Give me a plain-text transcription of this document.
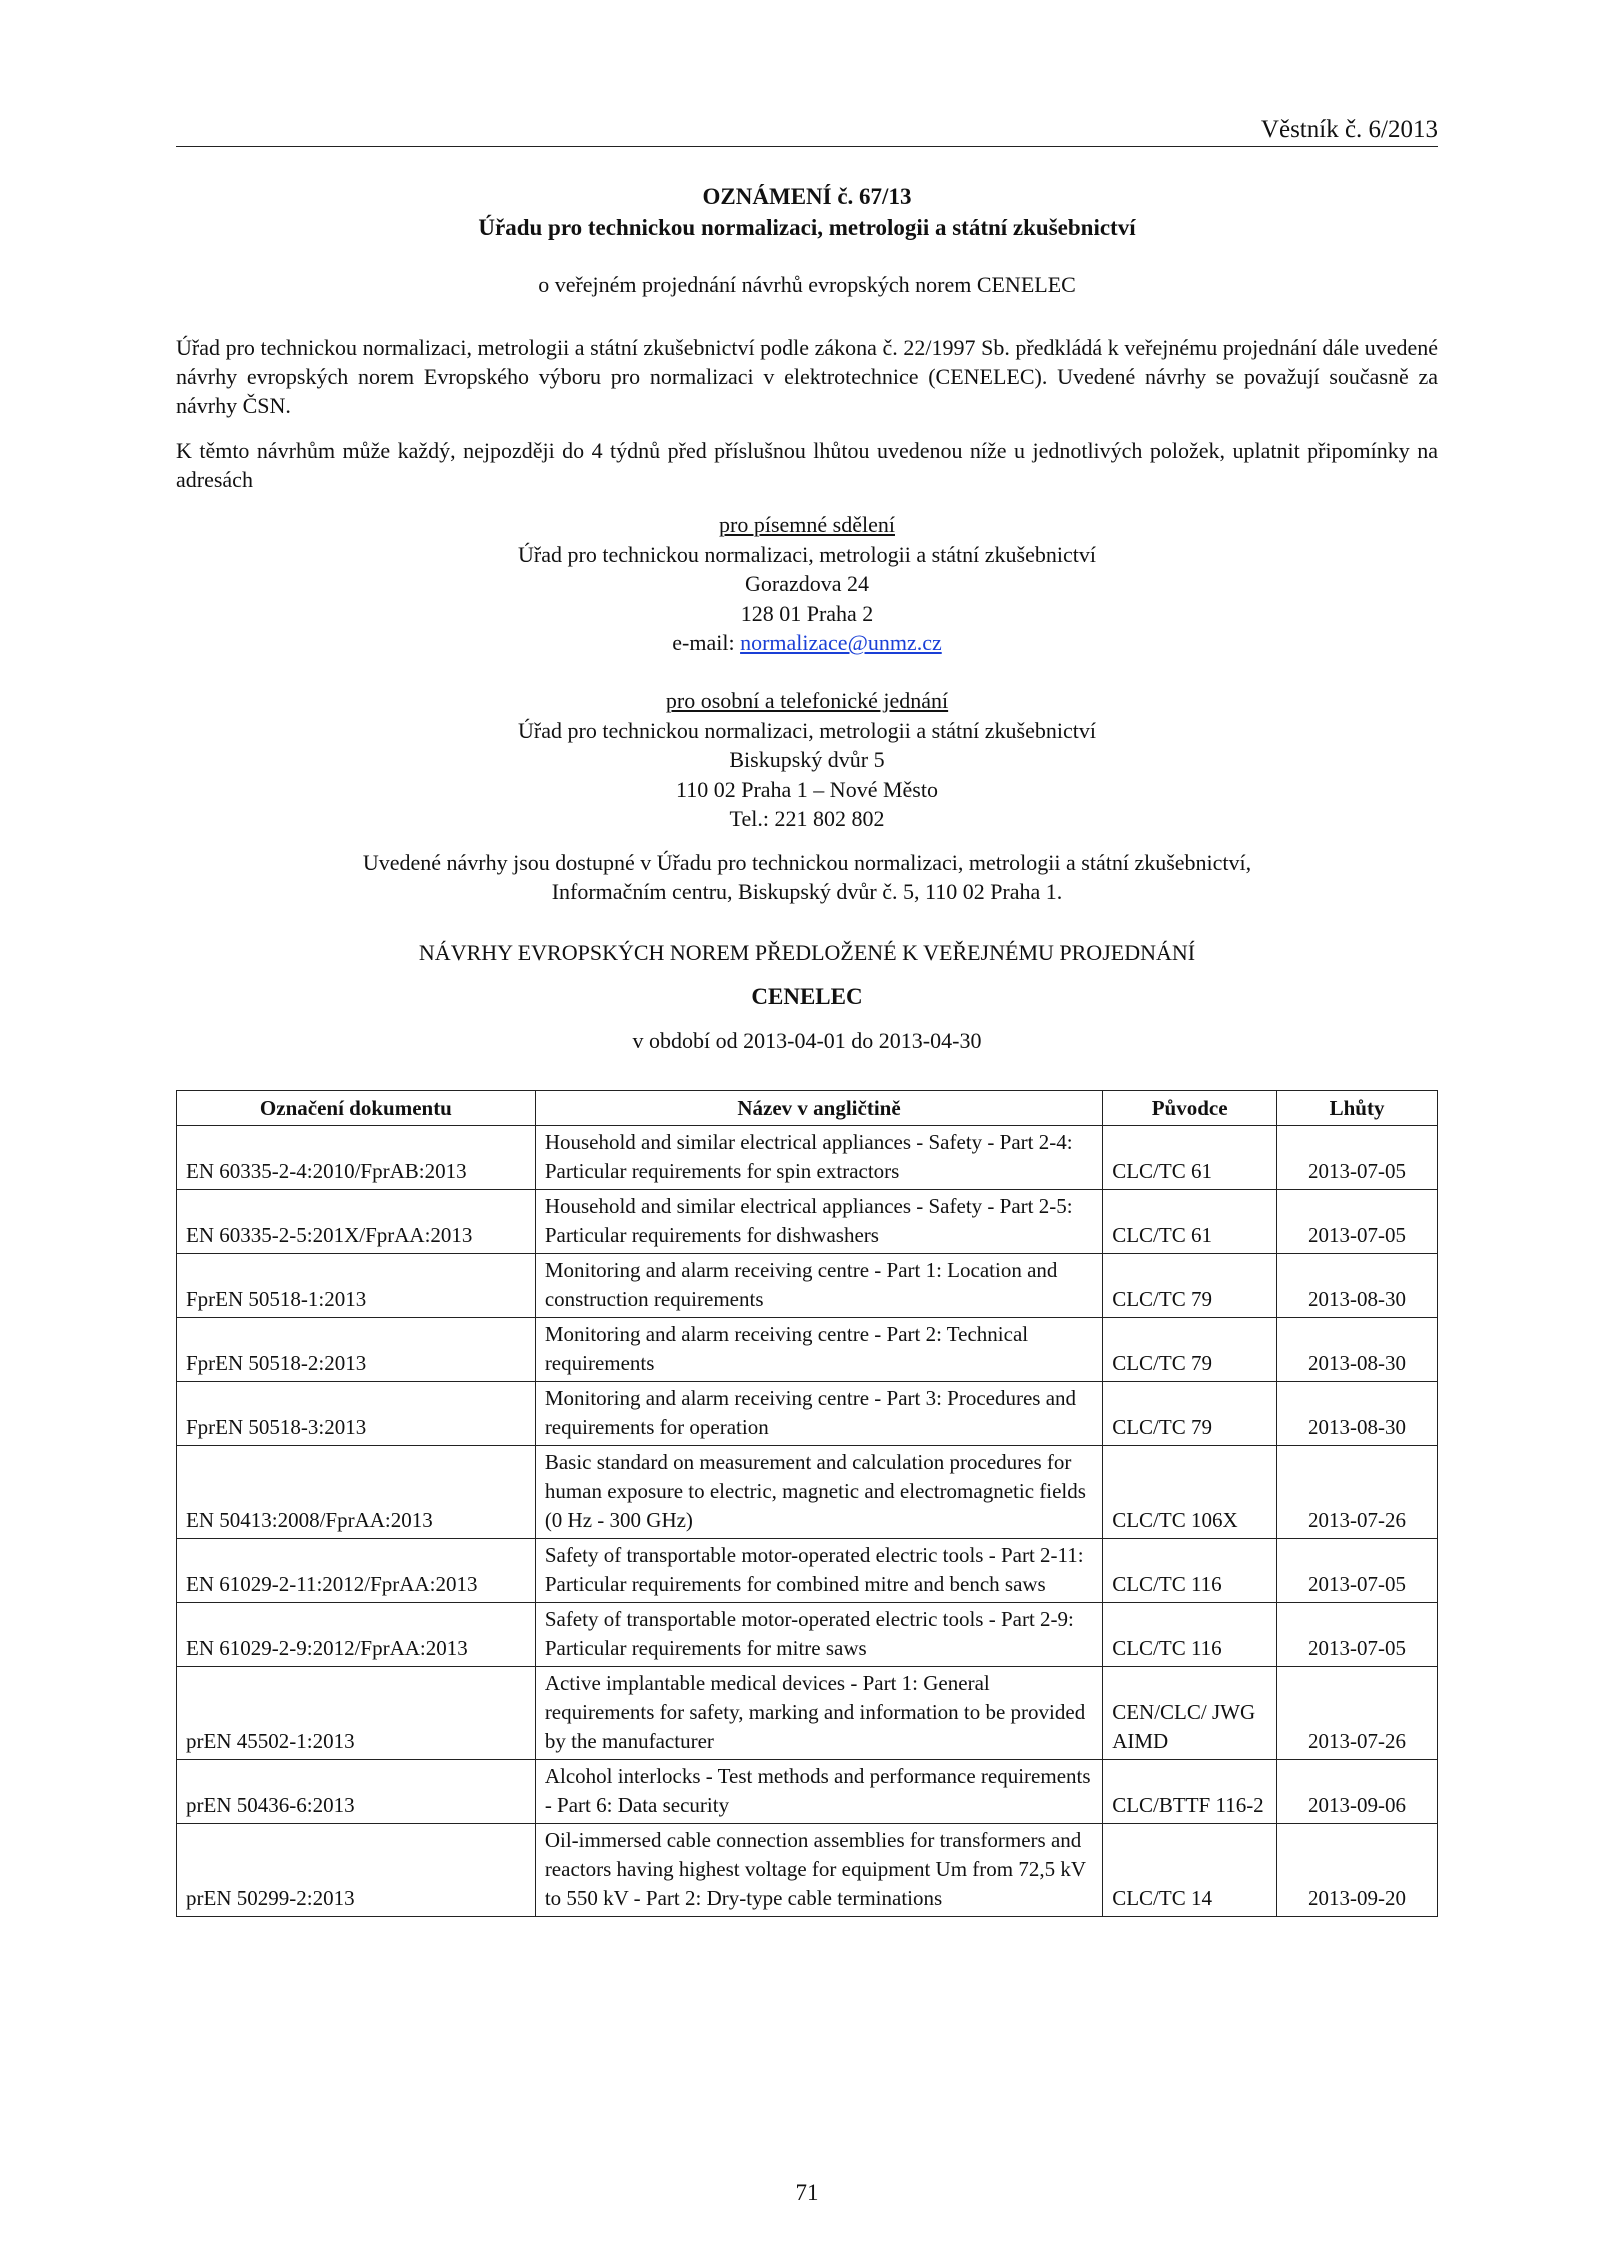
Věstník č. 6/2013
OZNÁMENÍ č. 67/13
Úřadu pro technickou normalizaci, metrologii a státní zkušebnictví
o veřejném projednání návrhů evropských norem CENELEC
Úřad pro technickou normalizaci, metrologii a státní zkušebnictví podle zákona č. 22/1997 Sb. předkládá k veřejnému projednání dále uvedené návrhy evropských norem Evropského výboru pro normalizaci v elektrotechnice (CENELEC). Uvedené návrhy se považují současně za návrhy ČSN.
K těmto návrhům může každý, nejpozději do 4 týdnů před příslušnou lhůtou uvedenou níže u jednotlivých položek, uplatnit připomínky na adresách
pro písemné sdělení
Úřad pro technickou normalizaci, metrologii a státní zkušebnictví
Gorazdova 24
128 01 Praha 2
e-mail: normalizace@unmz.cz
pro osobní a telefonické jednání
Úřad pro technickou normalizaci, metrologii a státní zkušebnictví
Biskupský dvůr 5
110 02 Praha 1 – Nové Město
Tel.: 221 802 802
Uvedené návrhy jsou dostupné v Úřadu pro technickou normalizaci, metrologii a státní zkušebnictví,
Informačním centru, Biskupský dvůr č. 5, 110 02 Praha 1.
NÁVRHY EVROPSKÝCH NOREM PŘEDLOŽENÉ K VEŘEJNÉMU PROJEDNÁNÍ
CENELEC
v období od 2013-04-01 do 2013-04-30
Označení dokumentu	Název v angličtině	Původce	Lhůty
EN 60335-2-4:2010/FprAB:2013	Household and similar electrical appliances - Safety - Part 2-4: Particular requirements for spin extractors	CLC/TC 61	2013-07-05
EN 60335-2-5:201X/FprAA:2013	Household and similar electrical appliances - Safety - Part 2-5: Particular requirements for dishwashers	CLC/TC 61	2013-07-05
FprEN 50518-1:2013	Monitoring and alarm receiving centre - Part 1: Location and construction requirements	CLC/TC 79	2013-08-30
FprEN 50518-2:2013	Monitoring and alarm receiving centre - Part 2: Technical requirements	CLC/TC 79	2013-08-30
FprEN 50518-3:2013	Monitoring and alarm receiving centre - Part 3: Procedures and requirements for operation	CLC/TC 79	2013-08-30
EN 50413:2008/FprAA:2013	Basic standard on measurement and calculation procedures for human exposure to electric, magnetic and electromagnetic fields (0 Hz - 300 GHz)	CLC/TC 106X	2013-07-26
EN 61029-2-11:2012/FprAA:2013	Safety of transportable motor-operated electric tools - Part 2-11: Particular requirements for combined mitre and bench saws	CLC/TC 116	2013-07-05
EN 61029-2-9:2012/FprAA:2013	Safety of transportable motor-operated electric tools - Part 2-9: Particular requirements for mitre saws	CLC/TC 116	2013-07-05
prEN 45502-1:2013	Active implantable medical devices - Part 1: General requirements for safety, marking and information to be provided by the manufacturer	CEN/CLC/ JWG AIMD	2013-07-26
prEN 50436-6:2013	Alcohol interlocks - Test methods and performance requirements - Part 6: Data security	CLC/BTTF 116-2	2013-09-06
prEN 50299-2:2013	Oil-immersed cable connection assemblies for transformers and reactors having highest voltage for equipment Um from 72,5 kV to 550 kV - Part 2: Dry-type cable terminations	CLC/TC 14	2013-09-20
71
